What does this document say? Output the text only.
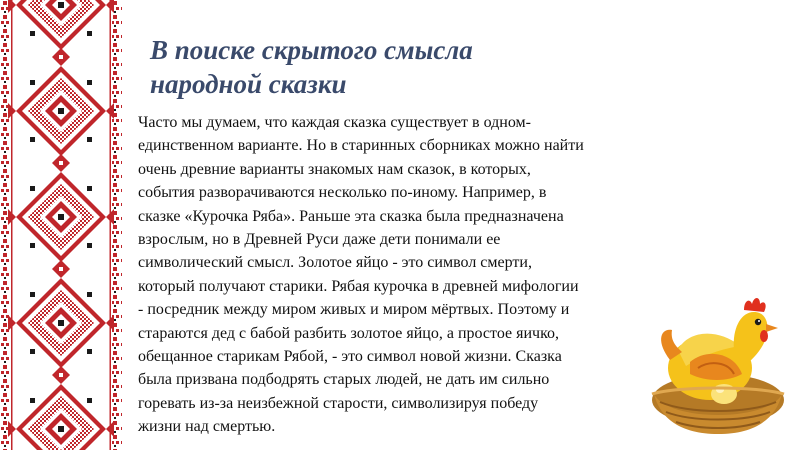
В поиске скрытого смысла
народной сказки

Часто мы думаем, что каждая сказка существует в одном-
единственном варианте. Но в старинных сборниках можно найти
очень древние варианты знакомых нам сказок, в которых,
события разворачиваются несколько по-иному. Например, в
сказке «Курочка Ряба». Раньше эта сказка была предназначена
взрослым, но в Древней Руси даже дети понимали ее
символический смысл. Золотое яйцо - это символ смерти,
который получают старики. Рябая курочка в древней мифологии
- посредник между миром живых и миром мёртвых. Поэтому и
стараются дед с бабой разбить золотое яйцо, а простое яичко,
обещанное старикам Рябой, - это символ новой жизни. Сказка
была призвана подбодрять старых людей, не дать им сильно
горевать из-за неизбежной старости, символизируя победу
жизни над смертью.
